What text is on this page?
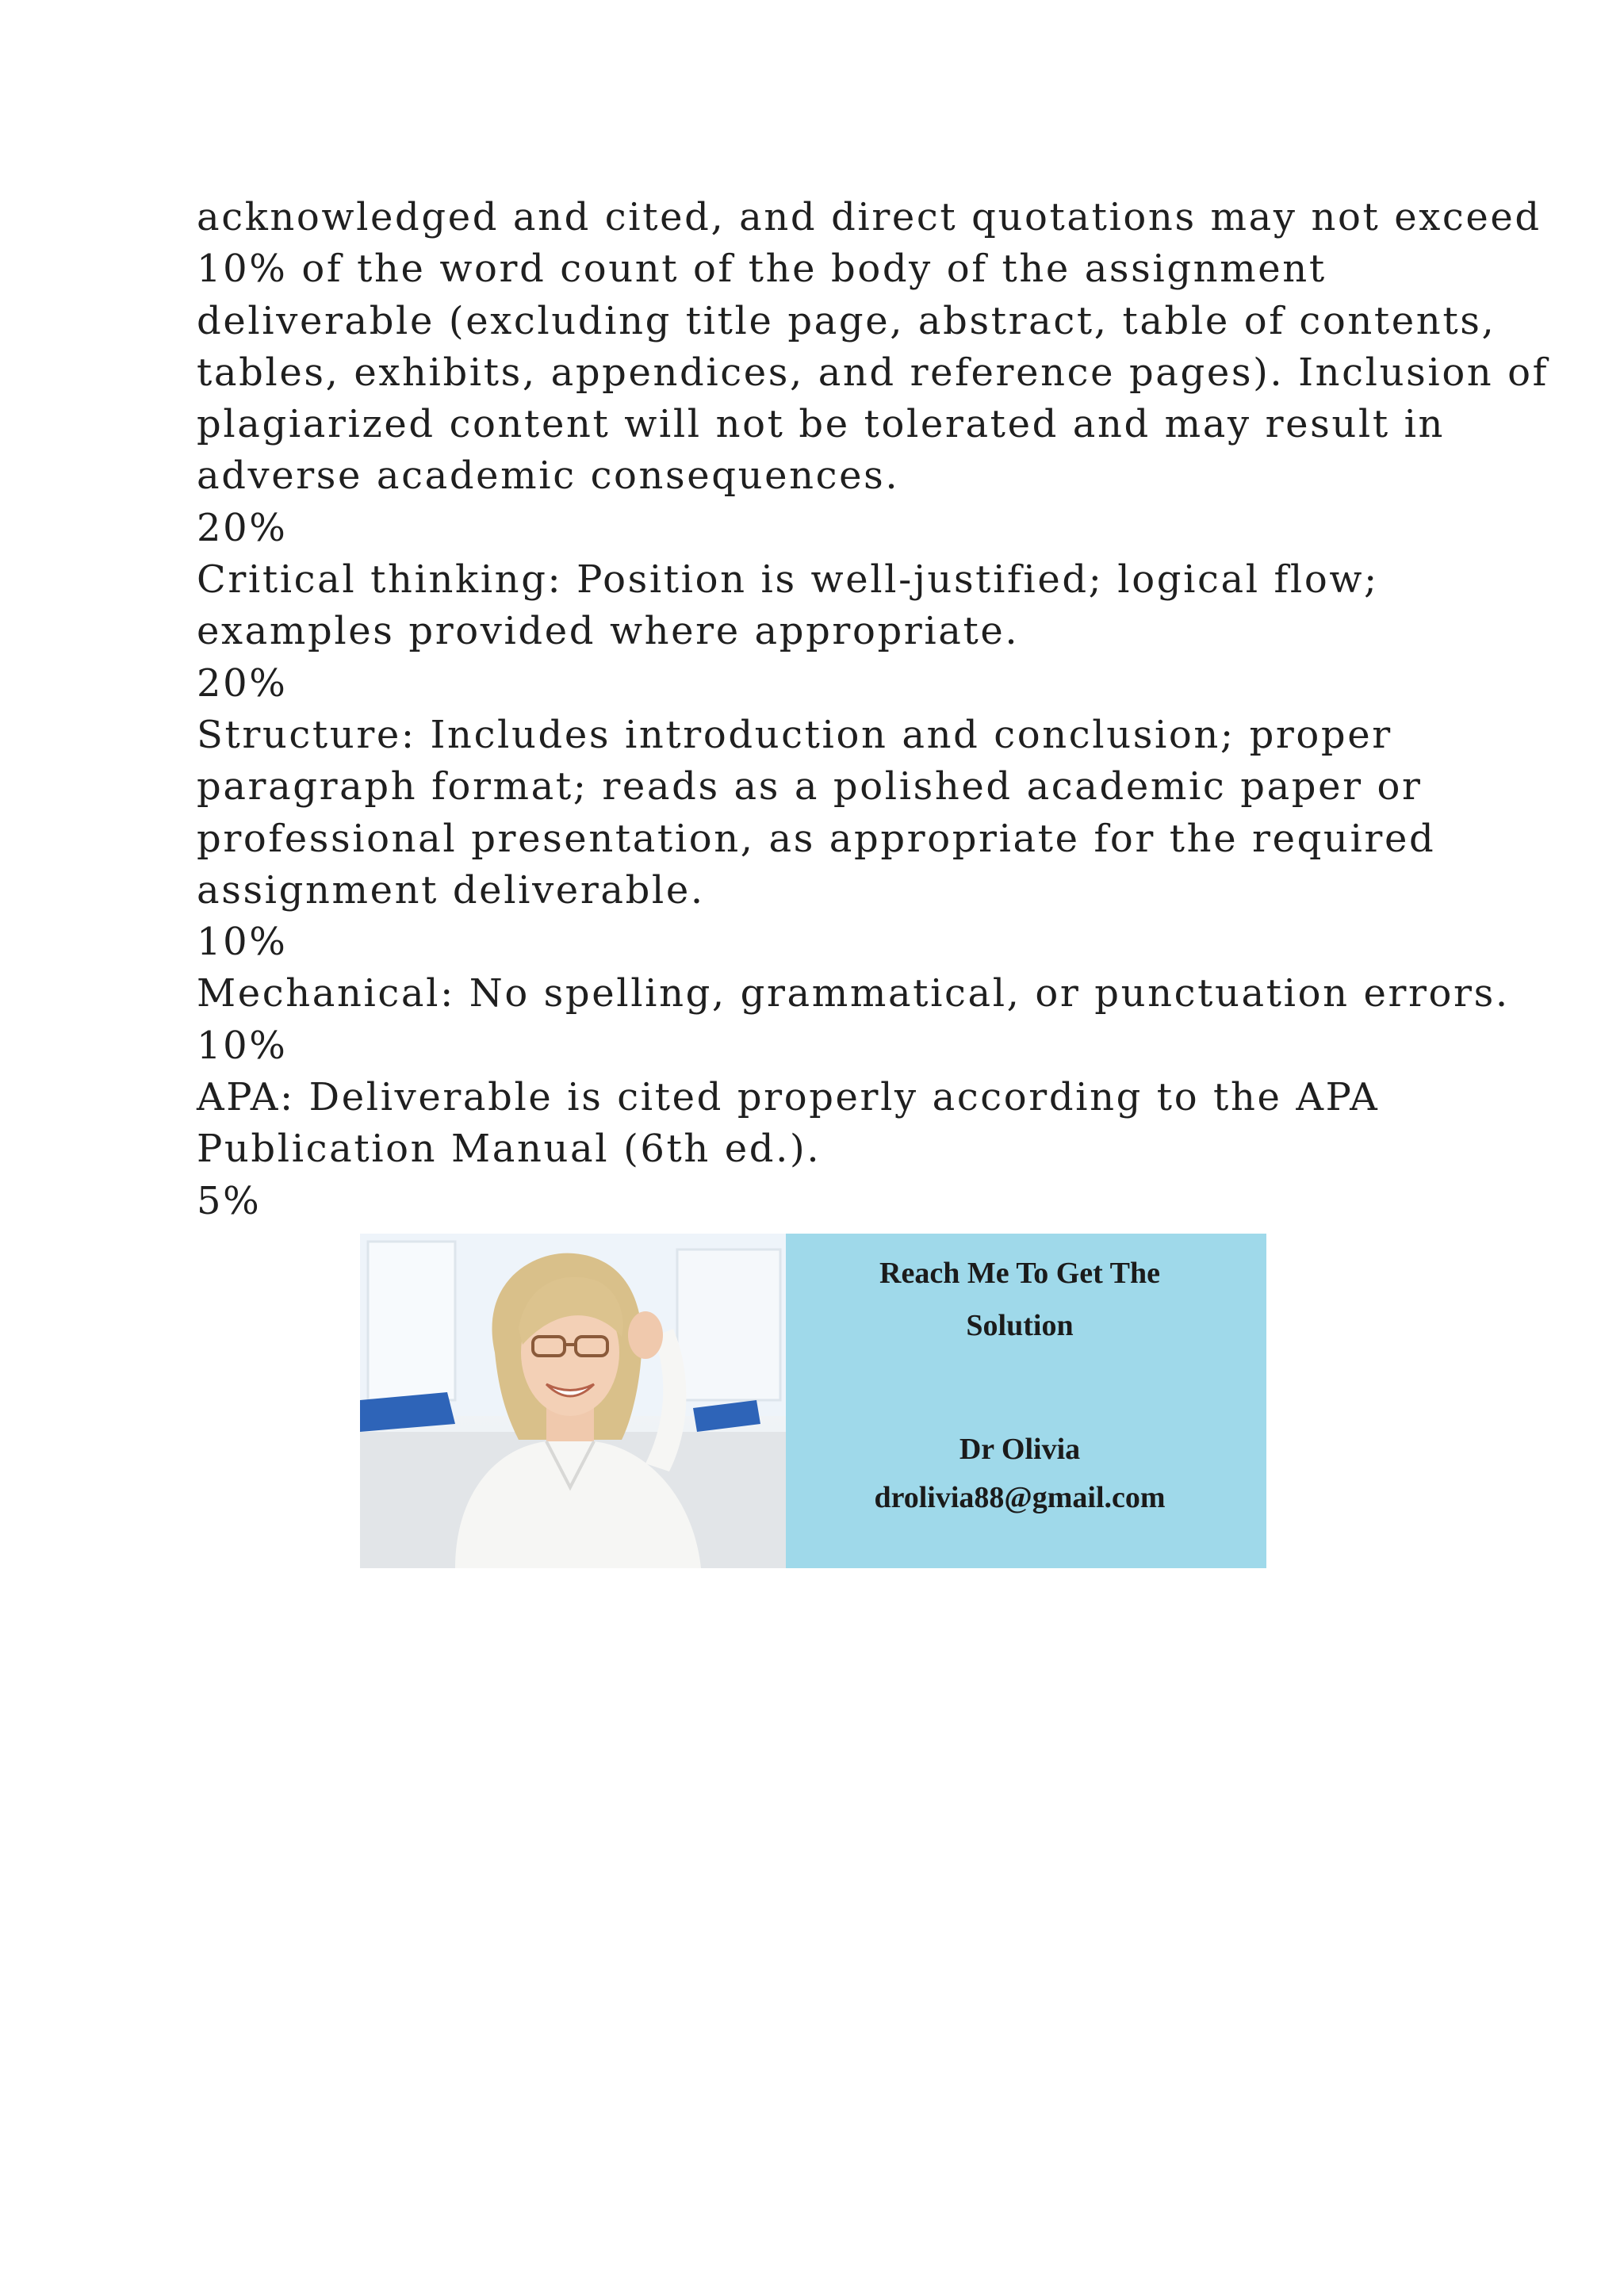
acknowledged and cited, and direct quotations may not exceed
10% of the word count of the body of the assignment
deliverable (excluding title page, abstract, table of contents,
tables, exhibits, appendices, and reference pages). Inclusion of
plagiarized content will not be tolerated and may result in
adverse academic consequences.
20%
Critical thinking: Position is well-justified; logical flow;
examples provided where appropriate.
20%
Structure: Includes introduction and conclusion; proper
paragraph format; reads as a polished academic paper or
professional presentation, as appropriate for the required
assignment deliverable.
10%
Mechanical: No spelling, grammatical, or punctuation errors.
10%
APA: Deliverable is cited properly according to the APA
Publication Manual (6th ed.).
5%
Reach Me To Get The
Solution
Dr Olivia
drolivia88@gmail.com
